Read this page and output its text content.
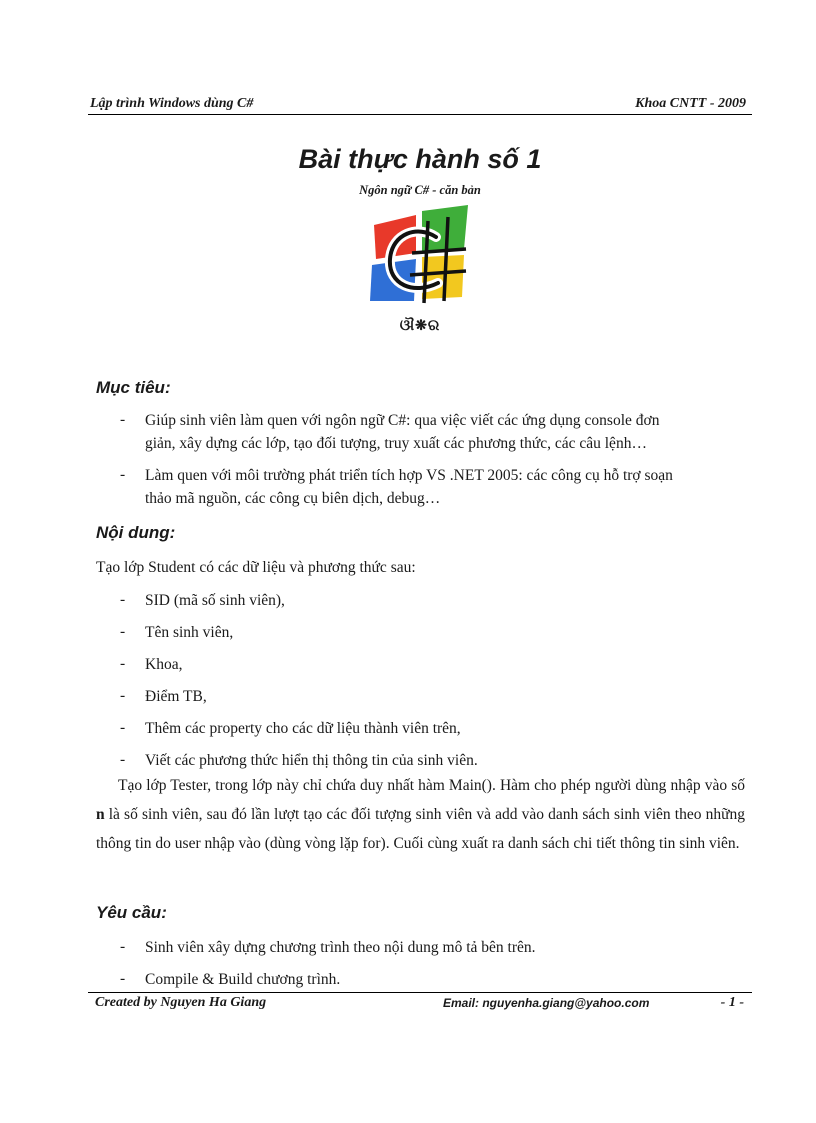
Lập trình Windows dùng C#	Khoa CNTT - 2009
Bài thực hành số 1
Ngôn ngữ C# - căn bản
ଔ❋ର
Mục tiêu:
-	Giúp sinh viên làm quen với ngôn ngữ C#: qua việc viết các ứng dụng console đơn
giản, xây dựng các lớp, tạo đối tượng, truy xuất các phương thức, các câu lệnh…
-	Làm quen với môi trường phát triển tích hợp VS .NET 2005: các công cụ hỗ trợ soạn
thảo mã nguồn, các công cụ biên dịch, debug…
Nội dung:
Tạo lớp Student có các dữ liệu và phương thức sau:
-	SID (mã số sinh viên),
-	Tên sinh viên,
-	Khoa,
-	Điểm TB,
-	Thêm các property cho các dữ liệu thành viên trên,
-	Viết các phương thức hiển thị thông tin của sinh viên.
Tạo lớp Tester, trong lớp này chỉ chứa duy nhất hàm Main(). Hàm cho phép người dùng nhập vào số n là số sinh viên, sau đó lần lượt tạo các đối tượng sinh viên và add vào danh sách sinh viên theo những thông tin do user nhập vào (dùng vòng lặp for). Cuối cùng xuất ra danh sách chi tiết thông tin sinh viên.
Yêu cầu:
-	Sinh viên xây dựng chương trình theo nội dung mô tả bên trên.
-	Compile & Build chương trình.
Created by Nguyen Ha Giang	Email: nguyenha.giang@yahoo.com	- 1 -
